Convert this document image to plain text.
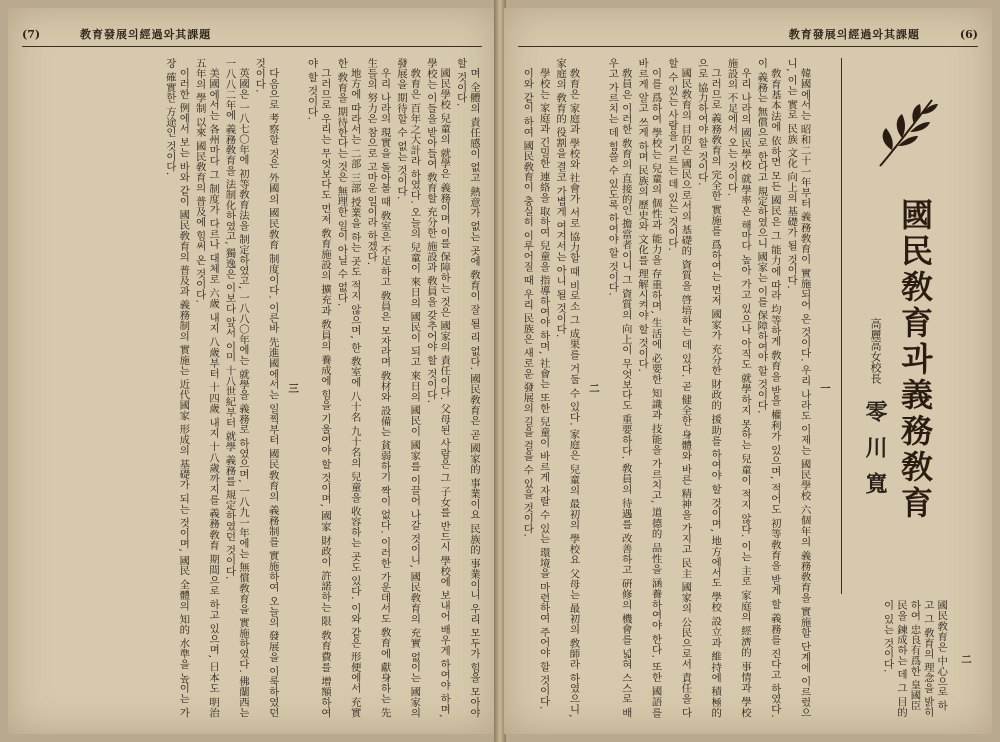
(7)	教育發展의經過와其課題

며 全體의 責任感이 없고 熱意가 없는 곳에 敎育이 잘 될 리 없다. 國民敎育은 곧 國家的 事業이요 民族的 事業이니 우리 모두가 힘을 모아야 할 것이다.

國民學校 兒童의 就學은 義務이며 이를 保障하는 것은 國家의 責任이다. 父母된 사람은 그 子女를 반드시 學校에 보내어 배우게 하여야 하며, 學校는 이들을 받아들여 敎育할 充分한 施設과 敎員을 갖추어야 할 것이다.

敎育은 百年之大計라 하였다. 오늘의 兒童이 來日의 國民이 되고 來日의 國民이 國家를 이끌어 나갈 것이니, 國民敎育의 充實 없이는 國家의 發展을 期待할 수 없는 것이다.

우리 나라의 現實을 돌아볼 때 敎室은 不足하고 敎員은 모자라며 敎材와 設備는 貧弱하기 짝이 없다. 이러한 가운데서도 敎育에 獻身하는 先生들의 努力은 참으로 고마운 일이라 하겠다.

地方에 따라서는 二部 三部 授業을 하는 곳도 적지 않으며, 한 敎室에 八十名 九十名의 兒童을 收容하는 곳도 있다. 이와 같은 形便에서 充實한 敎育을 期待한다는 것은 無理한 일이 아닐 수 없다.

그러므로 우리는 무엇보다도 먼저 敎育施設의 擴充과 敎員의 養成에 힘을 기울여야 할 것이며, 國家 財政이 許諾하는 限 敎育費를 增額하여야 할 것이다.

三

다음으로 考察할 것은 外國의 國民敎育 制度이다. 이른바 先進國에서는 일찍부터 國民敎育의 義務制를 實施하여 오늘의 發展을 이룩하였던 것이다.

英國은 一八七〇年에 初等敎育法을 制定하였고, 一八八〇年에는 就學을 義務로 하였으며, 一八九一年에는 無償敎育을 實施하였다. 佛蘭西는 一八八二年에 義務敎育을 法制化하였고, 獨逸은 이보다 앞서 이미 十八世紀부터 就學 義務를 規定하였던 것이다.

美國에서는 各州마다 그 制度가 다르나 대체로 六歲 내지 八歲부터 十四歲 내지 十八歲까지를 義務敎育 期間으로 하고 있으며, 日本도 明治 五年의 學制 以來 國民敎育의 普及에 힘써 온 것이다.

이러한 例에서 보는 바와 같이 國民敎育의 普及과 義務制의 實施는 近代國家 形成의 基礎가 되는 것이며, 國民 全體의 知的 水準을 높이는 가장 確實한 方途인 것이다.

教育發展의經過와其課題	(6)
國民敎育과義務敎育
高麗高女校長 零川寬

一

韓國에서는 昭和二十一年부터 義務敎育이 實施되어 온 것이다. 우리 나라도 이제는 國民學校 六個年의 義務敎育을 實施할 단계에 이르렀으니, 이는 實로 民族 文化 向上의 基礎가 될 것이다.

敎育基本法에 依하면 모든 國民은 그 能力에 따라 均等하게 敎育을 받을 權利가 있으며, 적어도 初等敎育을 받게 할 義務를 진다고 하였다. 이 義務는 無償으로 한다고 規定하였으니 國家는 이를 保障하여야 할 것이다.

우리 나라의 國民學校 就學率은 해마다 높아 가고 있으나 아직도 就學하지 못하는 兒童이 적지 않다. 이는 主로 家庭의 經濟的 事情과 學校 施設의 不足에서 오는 것이다.

그러므로 義務敎育의 完全한 實施를 爲하여는 먼저 國家가 充分한 財政的 援助를 하여야 할 것이며, 地方에서도 學校 設立과 維持에 積極的으로 協力하여야 할 것이다.

國民敎育의 目的은 國民으로서의 基礎的 資質을 啓培하는 데 있다. 곧 健全한 身體와 바른 精神을 가지고 民主 國家의 公民으로서 責任을 다할 수 있는 사람을 기르는 데 있는 것이다.

이를 爲하여 學校는 兒童의 個性과 能力을 存重하며, 生活에 必要한 知識과 技能을 가르치고, 道德的 品性을 涵養하여야 한다. 또한 國語를 바르게 알고 쓰게 하며 民族의 歷史와 文化를 理解시켜야 할 것이다.

敎員은 이러한 敎育의 直接的인 擔當者이니 그 資質의 向上이 무엇보다도 重要하다. 敎員의 待遇를 改善하고 硏修의 機會를 넓혀 스스로 배우고 가르치는 데 힘쓸 수 있도록 하여야 할 것이다.

二

敎育은 家庭과 學校와 社會가 서로 協力할 때 비로소 그 成果를 거둘 수 있다. 家庭은 兒童의 最初의 學校요 父母는 最初의 敎師라 하였으니, 家庭의 敎育的 役割을 결코 가볍게 여겨서는 아니 될 것이다.

學校는 家庭과 긴밀한 連絡을 取하여 兒童을 指導하여야 하며, 社會는 또한 兒童이 바르게 자랄 수 있는 環境을 마련하여 주어야 할 것이다.

이와 같이 하여 國民敎育이 충실히 이루어질 때 우리 民族은 새로운 發展의 길을 걸을 수 있을 것이다.

二

國民敎育은 中心으로 하고 그 敎育의 理念을 밝히 하여 忠良有爲한 皇國臣民을 鍊成하는 데 그 目的이 있는 것이다.
